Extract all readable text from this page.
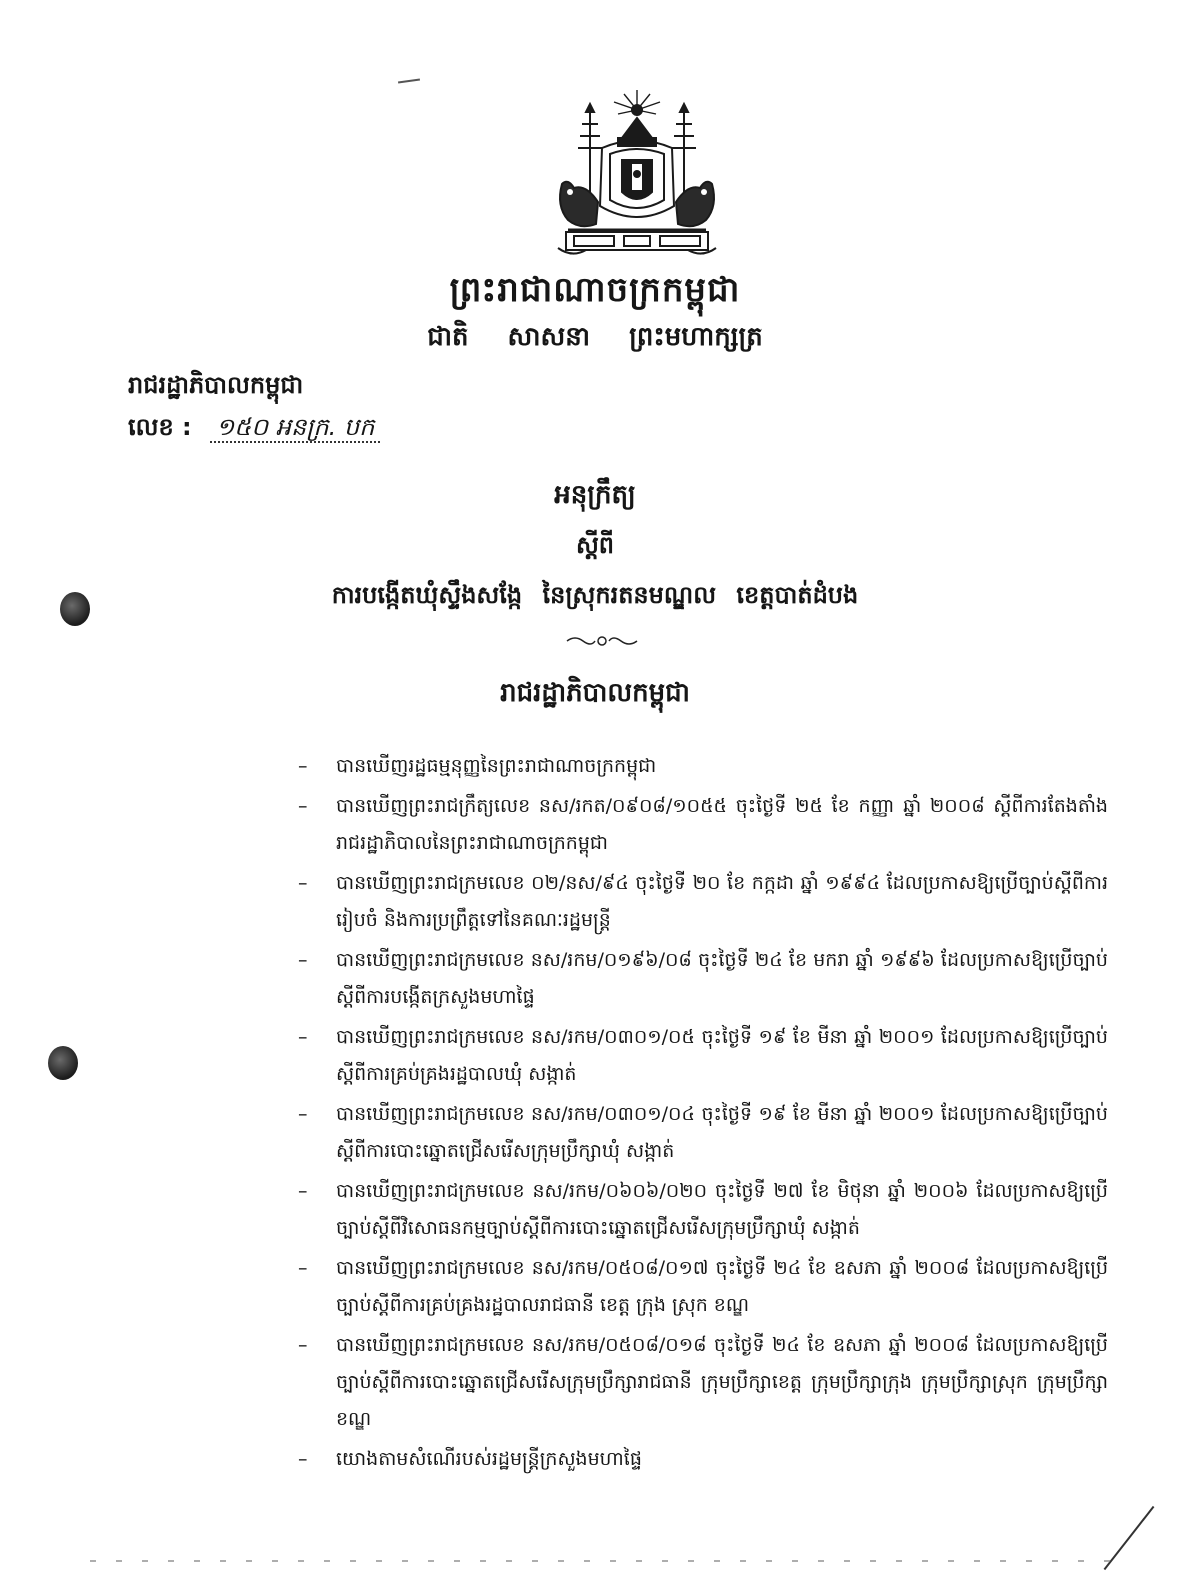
ព្រះរាជាណាចក្រកម្ពុជា
ជាតិ សាសនា ព្រះមហាក្សត្រ
រាជរដ្ឋាភិបាលកម្ពុជា
លេខ : ១៥០ អនក្រ. បក
អនុក្រឹត្យ
ស្តីពី
ការបង្កើតឃុំស្ទឹងសង្កែ នៃស្រុករតនមណ្ឌល ខេត្តបាត់ដំបង
រាជរដ្ឋាភិបាលកម្ពុជា
–	បានឃើញរដ្ឋធម្មនុញ្ញនៃព្រះរាជាណាចក្រកម្ពុជា
–	បានឃើញព្រះរាជក្រឹត្យលេខ នស/រកត/០៩០៨/១០៥៥ ចុះថ្ងៃទី ២៥ ខែ កញ្ញា ឆ្នាំ ២០០៨ ស្តីពីការតែងតាំងរាជរដ្ឋាភិបាលនៃព្រះរាជាណាចក្រកម្ពុជា
–	បានឃើញព្រះរាជក្រមលេខ ០២/នស/៩៤ ចុះថ្ងៃទី ២០ ខែ កក្កដា ឆ្នាំ ១៩៩៤ ដែលប្រកាសឱ្យប្រើច្បាប់ស្តីពីការរៀបចំ និងការប្រព្រឹត្តទៅនៃគណៈរដ្ឋមន្ត្រី
–	បានឃើញព្រះរាជក្រមលេខ នស/រកម/០១៩៦/០៨ ចុះថ្ងៃទី ២៤ ខែ មករា ឆ្នាំ ១៩៩៦ ដែលប្រកាសឱ្យប្រើច្បាប់ស្តីពីការបង្កើតក្រសួងមហាផ្ទៃ
–	បានឃើញព្រះរាជក្រមលេខ នស/រកម/០៣០១/០៥ ចុះថ្ងៃទី ១៩ ខែ មីនា ឆ្នាំ ២០០១ ដែលប្រកាសឱ្យប្រើច្បាប់ស្តីពីការគ្រប់គ្រងរដ្ឋបាលឃុំ សង្កាត់
–	បានឃើញព្រះរាជក្រមលេខ នស/រកម/០៣០១/០៤ ចុះថ្ងៃទី ១៩ ខែ មីនា ឆ្នាំ ២០០១ ដែលប្រកាសឱ្យប្រើច្បាប់ស្តីពីការបោះឆ្នោតជ្រើសរើសក្រុមប្រឹក្សាឃុំ សង្កាត់
–	បានឃើញព្រះរាជក្រមលេខ នស/រកម/០៦០៦/០២០ ចុះថ្ងៃទី ២៧ ខែ មិថុនា ឆ្នាំ ២០០៦ ដែលប្រកាសឱ្យប្រើច្បាប់ស្តីពីវិសោធនកម្មច្បាប់ស្តីពីការបោះឆ្នោតជ្រើសរើសក្រុមប្រឹក្សាឃុំ សង្កាត់
–	បានឃើញព្រះរាជក្រមលេខ នស/រកម/០៥០៨/០១៧ ចុះថ្ងៃទី ២៤ ខែ ឧសភា ឆ្នាំ ២០០៨ ដែលប្រកាសឱ្យប្រើច្បាប់ស្តីពីការគ្រប់គ្រងរដ្ឋបាលរាជធានី ខេត្ត ក្រុង ស្រុក ខណ្ឌ
–	បានឃើញព្រះរាជក្រមលេខ នស/រកម/០៥០៨/០១៨ ចុះថ្ងៃទី ២៤ ខែ ឧសភា ឆ្នាំ ២០០៨ ដែលប្រកាសឱ្យប្រើច្បាប់ស្តីពីការបោះឆ្នោតជ្រើសរើសក្រុមប្រឹក្សារាជធានី ក្រុមប្រឹក្សាខេត្ត ក្រុមប្រឹក្សាក្រុង ក្រុមប្រឹក្សាស្រុក ក្រុមប្រឹក្សាខណ្ឌ
–	យោងតាមសំណើរបស់រដ្ឋមន្ត្រីក្រសួងមហាផ្ទៃ
